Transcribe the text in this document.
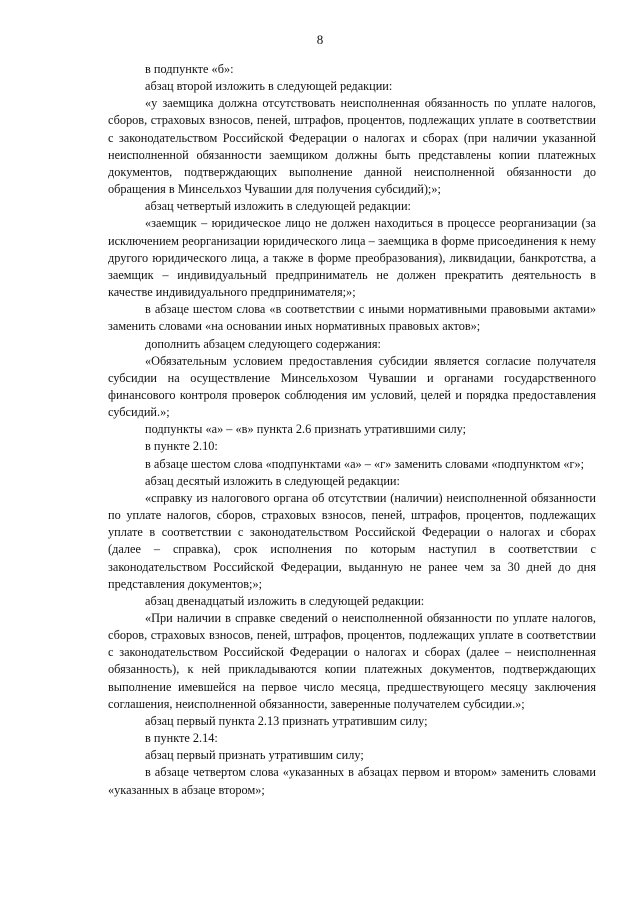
8

в подпункте «б»:

абзац второй изложить в следующей редакции:

«у заемщика должна отсутствовать неисполненная обязанность по уплате налогов, сборов, страховых взносов, пеней, штрафов, процентов, подлежащих уплате в соответствии с законодательством Российской Федерации о налогах и сборах (при наличии указанной неисполненной обязанности заемщиком должны быть представлены копии платежных документов, подтверждающих выполнение данной неисполненной обязанности до обращения в Минсельхоз Чувашии для получения субсидий);»;

абзац четвертый изложить в следующей редакции:

«заемщик – юридическое лицо не должен находиться в процессе реорганизации (за исключением реорганизации юридического лица – заемщика в форме присоединения к нему другого юридического лица, а также в форме преобразования), ликвидации, банкротства, а заемщик – индивидуальный предприниматель не должен прекратить деятельность в качестве индивидуального предпринимателя;»;

в абзаце шестом слова «в соответствии с иными нормативными правовыми актами» заменить словами «на основании иных нормативных правовых актов»;

дополнить абзацем следующего содержания:

«Обязательным условием предоставления субсидии является согласие получателя субсидии на осуществление Минсельхозом Чувашии и органами государственного финансового контроля проверок соблюдения им условий, целей и порядка предоставления субсидий.»;

подпункты «а» – «в» пункта 2.6 признать утратившими силу;

в пункте 2.10:

в абзаце шестом слова «подпунктами «а» – «г» заменить словами «подпунктом «г»;

абзац десятый изложить в следующей редакции:

«справку из налогового органа об отсутствии (наличии) неисполненной обязанности по уплате налогов, сборов, страховых взносов, пеней, штрафов, процентов, подлежащих уплате в соответствии с законодательством Российской Федерации о налогах и сборах (далее – справка), срок исполнения по которым наступил в соответствии с законодательством Российской Федерации, выданную не ранее чем за 30 дней до дня представления документов;»;

абзац двенадцатый изложить в следующей редакции:

«При наличии в справке сведений о неисполненной обязанности по уплате налогов, сборов, страховых взносов, пеней, штрафов, процентов, подлежащих уплате в соответствии с законодательством Российской Федерации о налогах и сборах (далее – неисполненная обязанность), к ней прикладываются копии платежных документов, подтверждающих выполнение имевшейся на первое число месяца, предшествующего месяцу заключения соглашения, неисполненной обязанности, заверенные получателем субсидии.»;

абзац первый пункта 2.13 признать утратившим силу;

в пункте 2.14:

абзац первый признать утратившим силу;

в абзаце четвертом слова «указанных в абзацах первом и втором» заменить словами «указанных в абзаце втором»;
